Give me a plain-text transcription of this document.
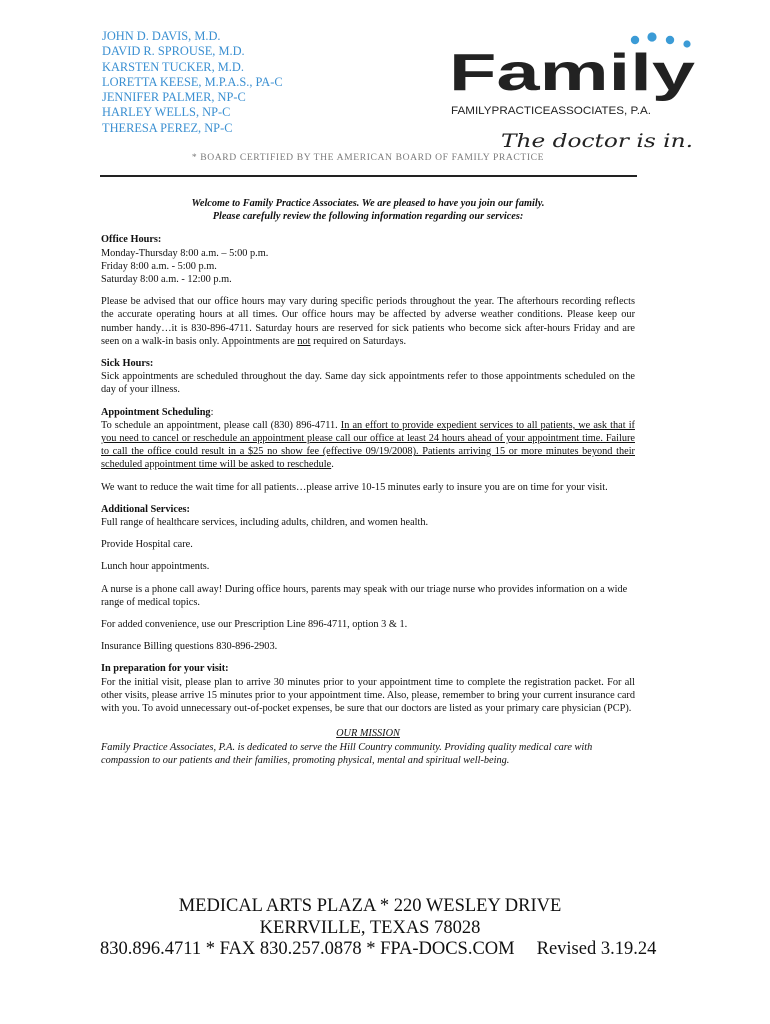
JOHN D. DAVIS, M.D.
DAVID R. SPROUSE, M.D.
KARSTEN TUCKER, M.D.
LORETTA KEESE, M.P.A.S., PA-C
JENNIFER PALMER, NP-C
HARLEY WELLS, NP-C
THERESA PEREZ, NP-C
Family
FAMILYPRACTICEASSOCIATES, P.A.
The doctor is in.
* BOARD CERTIFIED BY THE AMERICAN BOARD OF FAMILY PRACTICE
Welcome to Family Practice Associates. We are pleased to have you join our family.
Please carefully review the following information regarding our services:

Office Hours:
Monday-Thursday 8:00 a.m. – 5:00 p.m.
Friday 8:00 a.m. - 5:00 p.m.
Saturday 8:00 a.m. - 12:00 p.m.

Please be advised that our office hours may vary during specific periods throughout the year. The afterhours recording reflects the accurate operating hours at all times. Our office hours may be affected by adverse weather conditions. Please keep our number handy…it is 830-896-4711. Saturday hours are reserved for sick patients who become sick after-hours Friday and are seen on a walk-in basis only. Appointments are not required on Saturdays.

Sick Hours:
Sick appointments are scheduled throughout the day. Same day sick appointments refer to those appointments scheduled on the day of your illness.

Appointment Scheduling:
To schedule an appointment, please call (830) 896-4711. In an effort to provide expedient services to all patients, we ask that if you need to cancel or reschedule an appointment please call our office at least 24 hours ahead of your appointment time. Failure to call the office could result in a $25 no show fee (effective 09/19/2008). Patients arriving 15 or more minutes beyond their scheduled appointment time will be asked to reschedule.

We want to reduce the wait time for all patients…please arrive 10-15 minutes early to insure you are on time for your visit.

Additional Services:
Full range of healthcare services, including adults, children, and women health.

Provide Hospital care.

Lunch hour appointments.

A nurse is a phone call away! During office hours, parents may speak with our triage nurse who provides information on a wide range of medical topics.

For added convenience, use our Prescription Line 896-4711, option 3 & 1.

Insurance Billing questions 830-896-2903.

In preparation for your visit:
For the initial visit, please plan to arrive 30 minutes prior to your appointment time to complete the registration packet. For all other visits, please arrive 15 minutes prior to your appointment time. Also, please, remember to bring your current insurance card with you. To avoid unnecessary out-of-pocket expenses, be sure that our doctors are listed as your primary care physician (PCP).

OUR MISSION
Family Practice Associates, P.A. is dedicated to serve the Hill Country community. Providing quality medical care with compassion to our patients and their families, promoting physical, mental and spiritual well-being.
MEDICAL ARTS PLAZA * 220 WESLEY DRIVE
KERRVILLE, TEXAS 78028
830.896.4711 * FAX 830.257.0878 * FPA-DOCS.COM Revised 3.19.24
